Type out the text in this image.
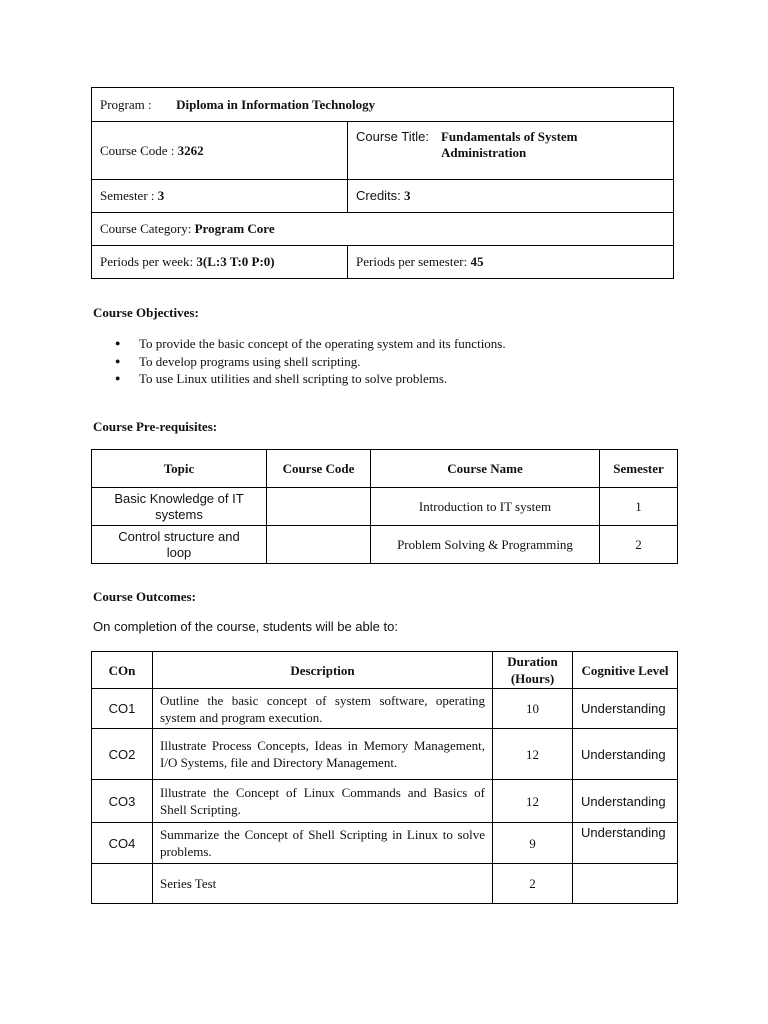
Program : Diploma in Information Technology	
Course Code : 3262	Course Title: Fundamentals of System Administration

Semester : 3	Credits: 3
Course Category: Program Core	
Periods per week: 3(L:3 T:0 P:0)	Periods per semester: 45
Course Objectives:
●	To provide the basic concept of the operating system and its functions.
●	To develop programs using shell scripting.
●	To use Linux utilities and shell scripting to solve problems.
Course Pre-requisites:
Topic	Course Code	Course Name	Semester
Basic Knowledge of IT systems		Introduction to IT system	1
Control structure and loop		Problem Solving & Programming	2
Course Outcomes:
On completion of the course, students will be able to:
COn	Description	Duration (Hours)	Cognitive Level
CO1	Outline the basic concept of system software, operating system and program execution.	10	Understanding
CO2	Illustrate Process Concepts, Ideas in Memory Management, I/O Systems, file and Directory Management.	12	Understanding
CO3	Illustrate the Concept of Linux Commands and Basics of Shell Scripting.	12	Understanding
CO4	Summarize the Concept of Shell Scripting in Linux to solve problems.	9	Understanding
	Series Test	2	
